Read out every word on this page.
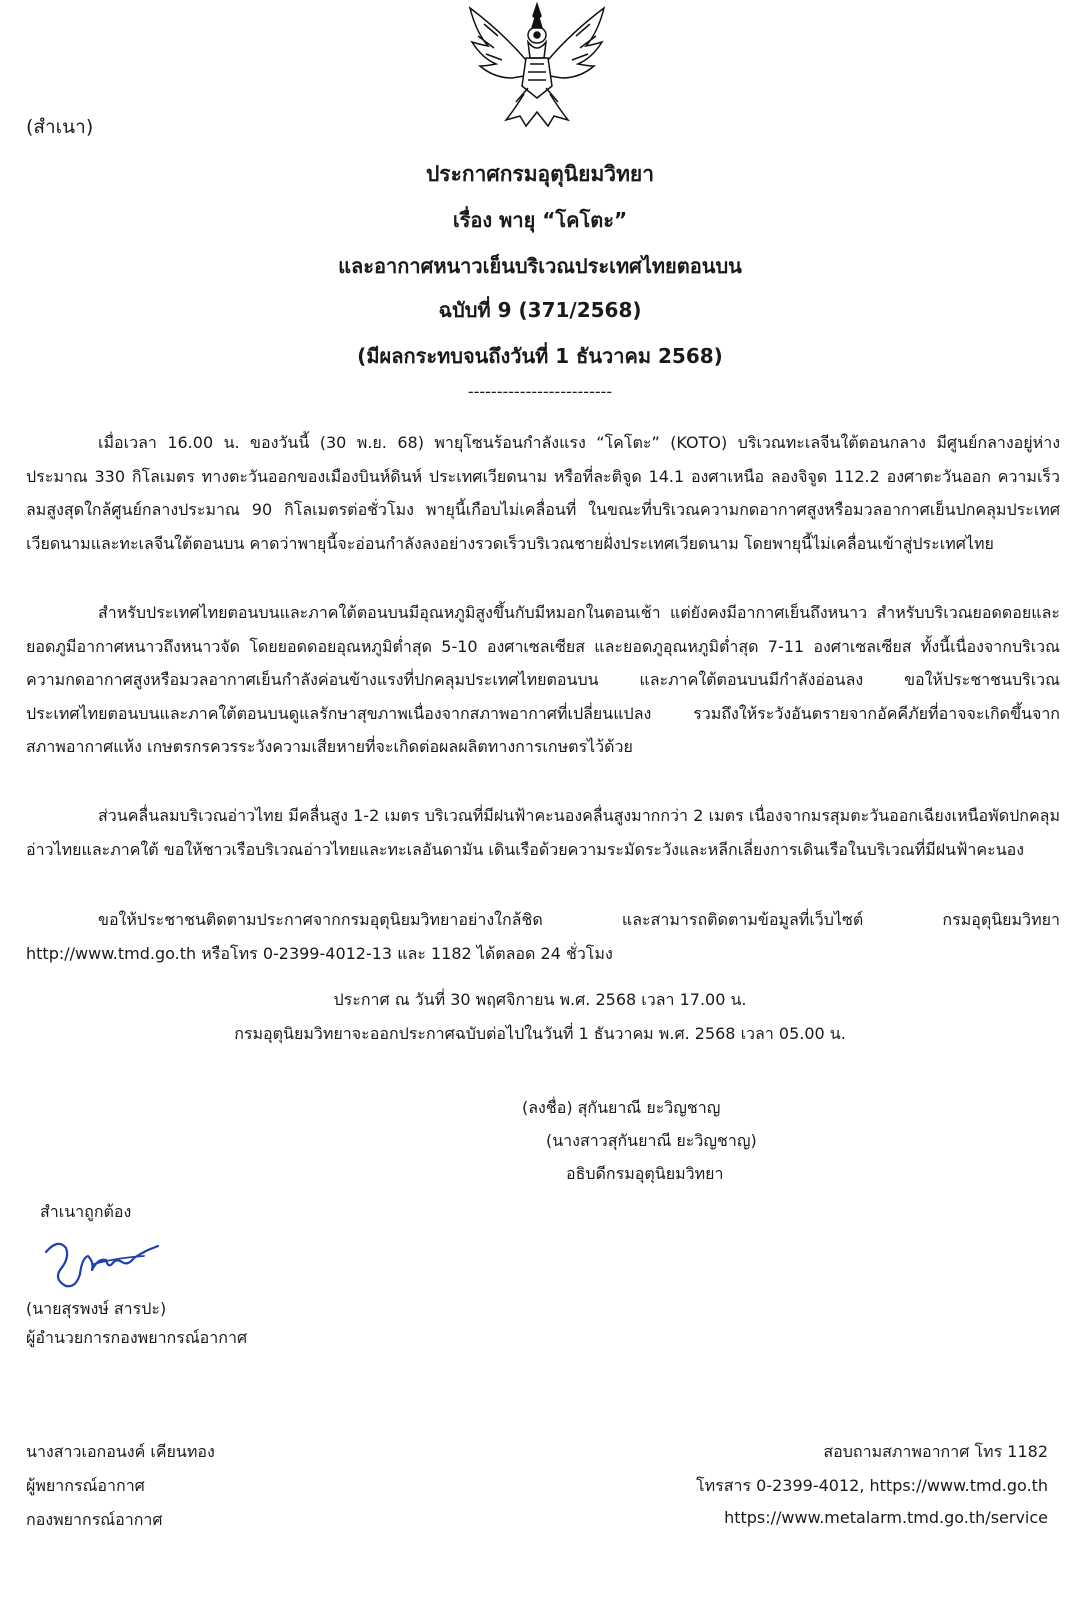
(สำเนา)
ประกาศกรมอุตุนิยมวิทยา
เรื่อง พายุ “โคโตะ”
และอากาศหนาวเย็นบริเวณประเทศไทยตอนบน
ฉบับที่ 9 (371/2568)
(มีผลกระทบจนถึงวันที่ 1 ธันวาคม 2568)
-------------------------
เมื่อเวลา 16.00 น. ของวันนี้ (30 พ.ย. 68) พายุโซนร้อนกำลังแรง “โคโตะ” (KOTO) บริเวณทะเลจีนใต้ตอนกลาง มีศูนย์กลางอยู่ห่างประมาณ 330 กิโลเมตร ทางตะวันออกของเมืองบินห์ดินห์ ประเทศเวียดนาม หรือที่ละติจูด 14.1 องศาเหนือ ลองจิจูด 112.2 องศาตะวันออก ความเร็วลมสูงสุดใกล้ศูนย์กลางประมาณ 90 กิโลเมตรต่อชั่วโมง พายุนี้เกือบไม่เคลื่อนที่ ในขณะที่บริเวณความกดอากาศสูงหรือมวลอากาศเย็นปกคลุมประเทศเวียดนามและทะเลจีนใต้ตอนบน คาดว่าพายุนี้จะอ่อนกำลังลงอย่างรวดเร็วบริเวณชายฝั่งประเทศเวียดนาม โดยพายุนี้ไม่เคลื่อนเข้าสู่ประเทศไทย
สำหรับประเทศไทยตอนบนและภาคใต้ตอนบนมีอุณหภูมิสูงขึ้นกับมีหมอกในตอนเช้า แต่ยังคงมีอากาศเย็นถึงหนาว สำหรับบริเวณยอดดอยและยอดภูมีอากาศหนาวถึงหนาวจัด โดยยอดดอยอุณหภูมิต่ำสุด 5-10 องศาเซลเซียส และยอดภูอุณหภูมิต่ำสุด 7-11 องศาเซลเซียส ทั้งนี้เนื่องจากบริเวณความกดอากาศสูงหรือมวลอากาศเย็นกำลังค่อนข้างแรงที่ปกคลุมประเทศไทยตอนบน และภาคใต้ตอนบนมีกำลังอ่อนลง ขอให้ประชาชนบริเวณประเทศไทยตอนบนและภาคใต้ตอนบนดูแลรักษาสุขภาพเนื่องจากสภาพอากาศที่เปลี่ยนแปลง รวมถึงให้ระวังอันตรายจากอัคคีภัยที่อาจจะเกิดขึ้นจากสภาพอากาศแห้ง เกษตรกรควรระวังความเสียหายที่จะเกิดต่อผลผลิตทางการเกษตรไว้ด้วย
ส่วนคลื่นลมบริเวณอ่าวไทย มีคลื่นสูง 1-2 เมตร บริเวณที่มีฝนฟ้าคะนองคลื่นสูงมากกว่า 2 เมตร เนื่องจากมรสุมตะวันออกเฉียงเหนือพัดปกคลุมอ่าวไทยและภาคใต้ ขอให้ชาวเรือบริเวณอ่าวไทยและทะเลอันดามัน เดินเรือด้วยความระมัดระวังและหลีกเลี่ยงการเดินเรือในบริเวณที่มีฝนฟ้าคะนอง
ขอให้ประชาชนติดตามประกาศจากกรมอุตุนิยมวิทยาอย่างใกล้ชิด และสามารถติดตามข้อมูลที่เว็บไซต์ กรมอุตุนิยมวิทยา http://www.tmd.go.th หรือโทร 0-2399-4012-13 และ 1182 ได้ตลอด 24 ชั่วโมง
ประกาศ ณ วันที่ 30 พฤศจิกายน พ.ศ. 2568 เวลา 17.00 น.
กรมอุตุนิยมวิทยาจะออกประกาศฉบับต่อไปในวันที่ 1 ธันวาคม พ.ศ. 2568 เวลา 05.00 น.
(ลงชื่อ) สุกันยาณี ยะวิญชาญ
(นางสาวสุกันยาณี ยะวิญชาญ)
อธิบดีกรมอุตุนิยมวิทยา
สำเนาถูกต้อง
(นายสุรพงษ์ สารปะ)
ผู้อำนวยการกองพยากรณ์อากาศ
นางสาวเอกอนงค์ เคียนทอง
ผู้พยากรณ์อากาศ
กองพยากรณ์อากาศ
สอบถามสภาพอากาศ โทร 1182
โทรสาร 0-2399-4012, https://www.tmd.go.th
https://www.metalarm.tmd.go.th/service
